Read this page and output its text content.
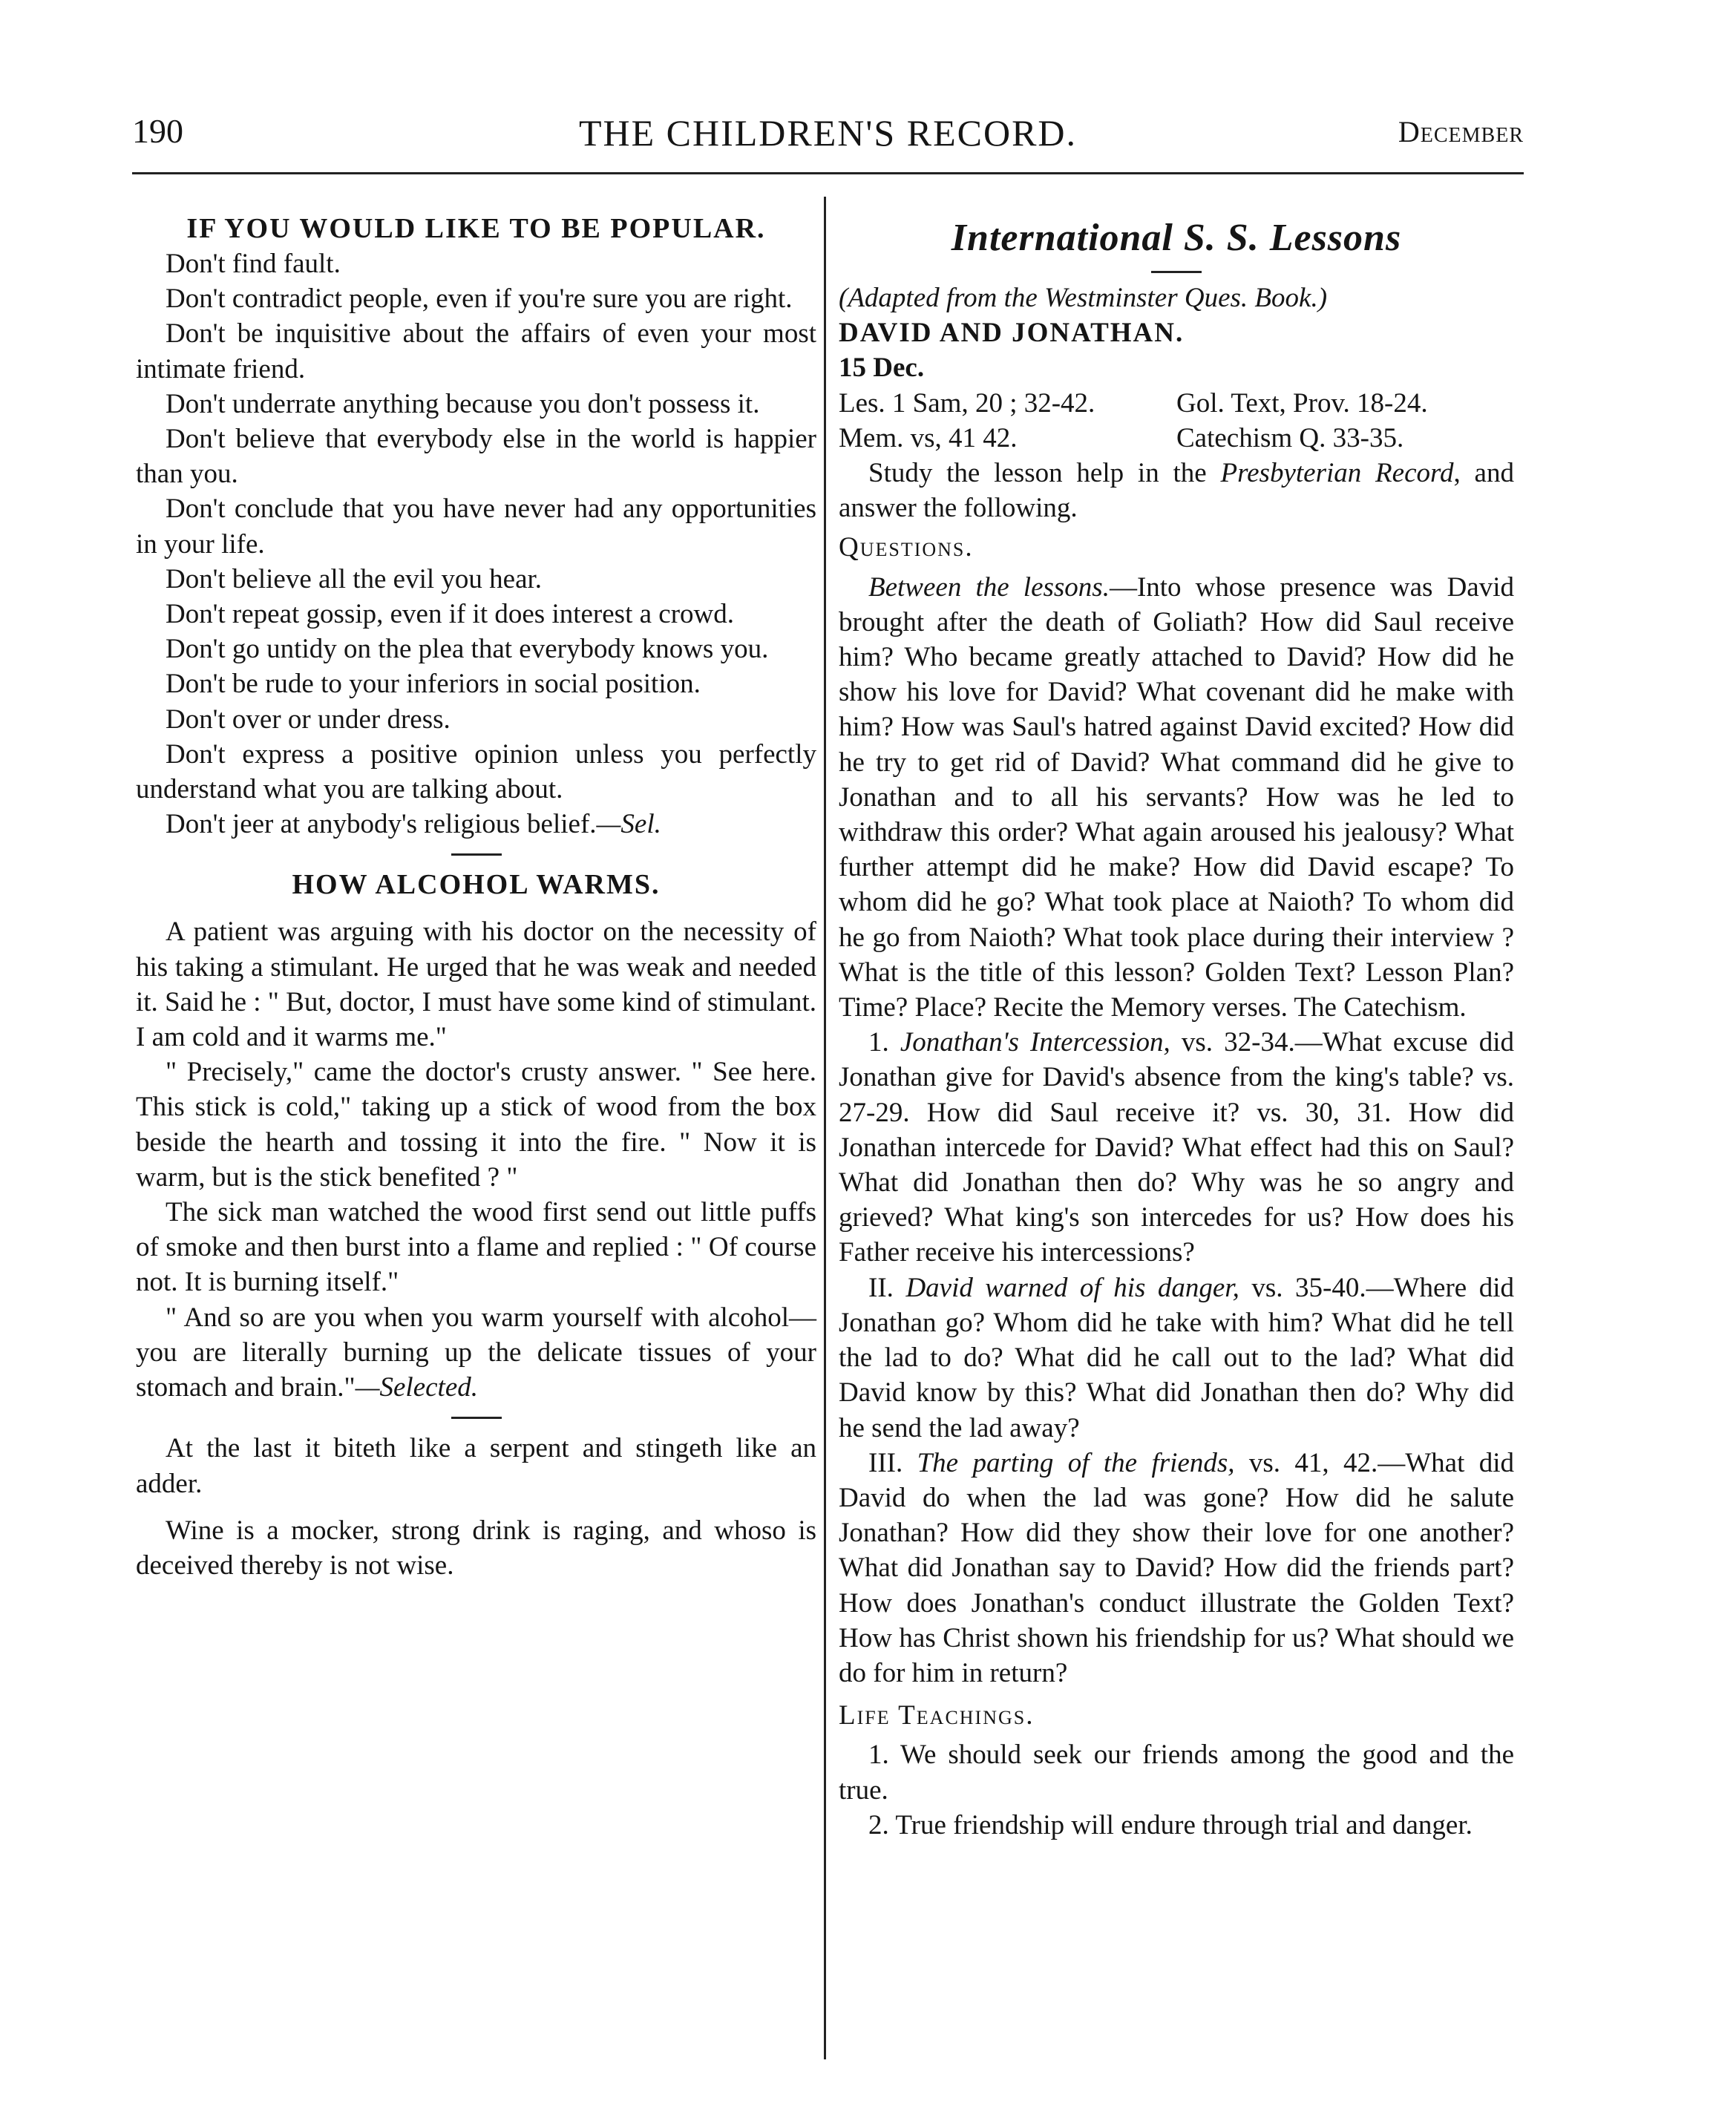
190	THE CHILDREN'S RECORD.	December
IF YOU WOULD LIKE TO BE POPULAR.

Don't find fault.

Don't contradict people, even if you're sure you are right.

Don't be inquisitive about the affairs of even your most intimate friend.

Don't underrate anything because you don't possess it.

Don't believe that everybody else in the world is happier than you.

Don't conclude that you have never had any opportunities in your life.

Don't believe all the evil you hear.

Don't repeat gossip, even if it does interest a crowd.

Don't go untidy on the plea that everybody knows you.

Don't be rude to your inferiors in social position.

Don't over or under dress.

Don't express a positive opinion unless you perfectly understand what you are talking about.

Don't jeer at anybody's religious belief.—Sel.

HOW ALCOHOL WARMS.

A patient was arguing with his doctor on the necessity of his taking a stimulant. He urged that he was weak and needed it. Said he : " But, doctor, I must have some kind of stimulant. I am cold and it warms me."

" Precisely," came the doctor's crusty answer. " See here. This stick is cold," taking up a stick of wood from the box beside the hearth and tossing it into the fire. " Now it is warm, but is the stick benefited ? "

The sick man watched the wood first send out little puffs of smoke and then burst into a flame and replied : " Of course not. It is burning itself."

" And so are you when you warm yourself with alcohol—you are literally burning up the delicate tissues of your stomach and brain."—Selected.

At the last it biteth like a serpent and stingeth like an adder.

Wine is a mocker, strong drink is raging, and whoso is deceived thereby is not wise.

International S. S. Lessons

(Adapted from the Westminster Ques. Book.)

DAVID AND JONATHAN.

15 Dec.

Les. 1 Sam, 20 ; 32-42.	Gol. Text, Prov. 18-24.
Mem. vs, 41 42.	Catechism Q. 33-35.

Study the lesson help in the Presbyterian Record, and answer the following.

Questions.

Between the lessons.—Into whose presence was David brought after the death of Goliath? How did Saul receive him? Who became greatly attached to David? How did he show his love for David? What covenant did he make with him? How was Saul's hatred against David excited? How did he try to get rid of David? What command did he give to Jonathan and to all his servants? How was he led to withdraw this order? What again aroused his jealousy? What further attempt did he make? How did David escape? To whom did he go? What took place at Naioth? To whom did he go from Naioth? What took place during their interview ? What is the title of this lesson? Golden Text? Lesson Plan? Time? Place? Recite the Memory verses. The Catechism.

1. Jonathan's Intercession, vs. 32-34.—What excuse did Jonathan give for David's absence from the king's table? vs. 27-29. How did Saul receive it? vs. 30, 31. How did Jonathan intercede for David? What effect had this on Saul? What did Jonathan then do? Why was he so angry and grieved? What king's son intercedes for us? How does his Father receive his intercessions?

II. David warned of his danger, vs. 35-40.—Where did Jonathan go? Whom did he take with him? What did he tell the lad to do? What did he call out to the lad? What did David know by this? What did Jonathan then do? Why did he send the lad away?

III. The parting of the friends, vs. 41, 42.—What did David do when the lad was gone? How did he salute Jonathan? How did they show their love for one another? What did Jonathan say to David? How did the friends part? How does Jonathan's conduct illustrate the Golden Text? How has Christ shown his friendship for us? What should we do for him in return?

Life Teachings.

1. We should seek our friends among the good and the true.

2. True friendship will endure through trial and danger.
